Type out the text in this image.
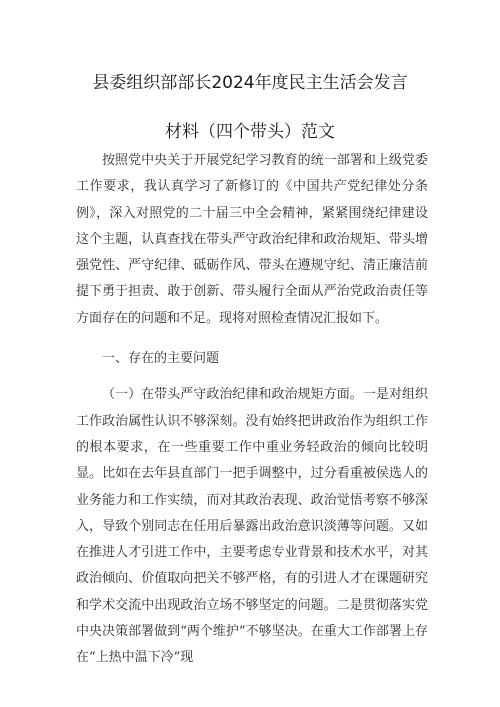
县委组织部部长2024年度民主生活会发言
材料（四个带头）范文

按照党中央关于开展党纪学习教育的统一部署和上级党委工作要求，我认真学习了新修订的《中国共产党纪律处分条例》，深入对照党的二十届三中全会精神，紧紧围绕纪律建设这个主题，认真查找在带头严守政治纪律和政治规矩、带头增强党性、严守纪律、砥砺作风、带头在遵规守纪、清正廉洁前提下勇于担责、敢于创新、带头履行全面从严治党政治责任等方面存在的问题和不足。现将对照检查情况汇报如下。

一、存在的主要问题

（一）在带头严守政治纪律和政治规矩方面。一是对组织工作政治属性认识不够深刻。没有始终把讲政治作为组织工作的根本要求，在一些重要工作中重业务轻政治的倾向比较明显。比如在去年县直部门一把手调整中，过分看重被侯选人的业务能力和工作实绩，而对其政治表现、政治觉悟考察不够深入，导致个别同志在任用后暴露出政治意识淡薄等问题。又如在推进人才引进工作中，主要考虑专业背景和技术水平，对其政治倾向、价值取向把关不够严格，有的引进人才在课题研究和学术交流中出现政治立场不够坚定的问题。二是贯彻落实党中央决策部署做到“两个维护”不够坚决。在重大工作部署上存在“上热中温下冷”现
